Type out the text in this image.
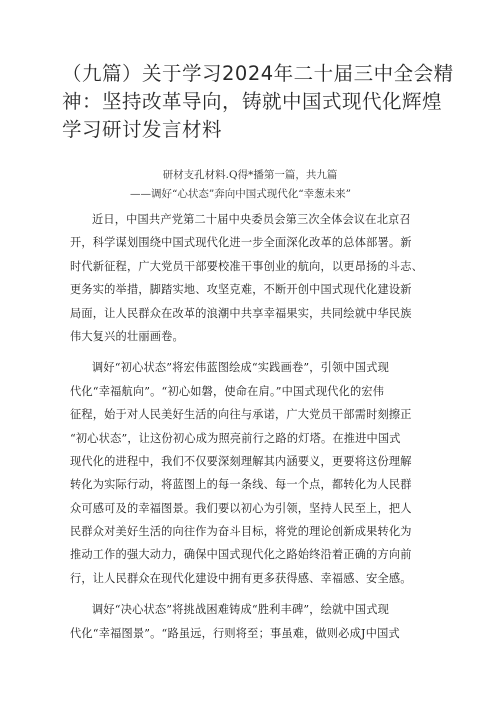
（九篇）关于学习2024年二十届三中全会精
神：坚持改革导向，铸就中国式现代化辉煌
学习研讨发言材料
研材支孔材料.Q得*播第一篇，共九篇
——调好“心状态”奔向中国式现代化“幸葱未来”
近日，中国共产党第二十届中央委员会第三次全体会议在北京召
开，科学谋划围绕中国式现代化进一步全面深化改革的总体部署。新
时代新征程，广大党员干部要校准干事创业的航向，以更昂扬的斗志、
更务实的举措，脚踏实地、攻坚克难，不断开创中国式现代化建设新
局面，让人民群众在改革的浪潮中共享幸福果实，共同绘就中华民族
伟大复兴的壮丽画卷。
调好“初心状态”将宏伟蓝图绘成“实践画卷”，引领中国式现
代化“幸福航向”。“初心如磐，使命在肩。”中国式现代化的宏伟
征程，始于对人民美好生活的向往与承诺，广大党员干部需时刻擦正
“初心状态”，让这份初心成为照亮前行之路的灯塔。在推进中国式
现代化的进程中，我们不仅要深刻理解其内涵要义，更要将这份理解
转化为实际行动，将蓝图上的每一条线、每一个点，都转化为人民群
众可感可及的幸福图景。我们要以初心为引领，坚持人民至上，把人
民群众对美好生活的向往作为奋斗目标，将党的理论创新成果转化为
推动工作的强大动力，确保中国式现代化之路始终沿着正确的方向前
行，让人民群众在现代化建设中拥有更多获得感、幸福感、安全感。
调好“决心状态”将挑战困难铸成“胜利丰碑”，绘就中国式现
代化“幸福图景”。“路虽远，行则将至；事虽难，做则必成J中国式
